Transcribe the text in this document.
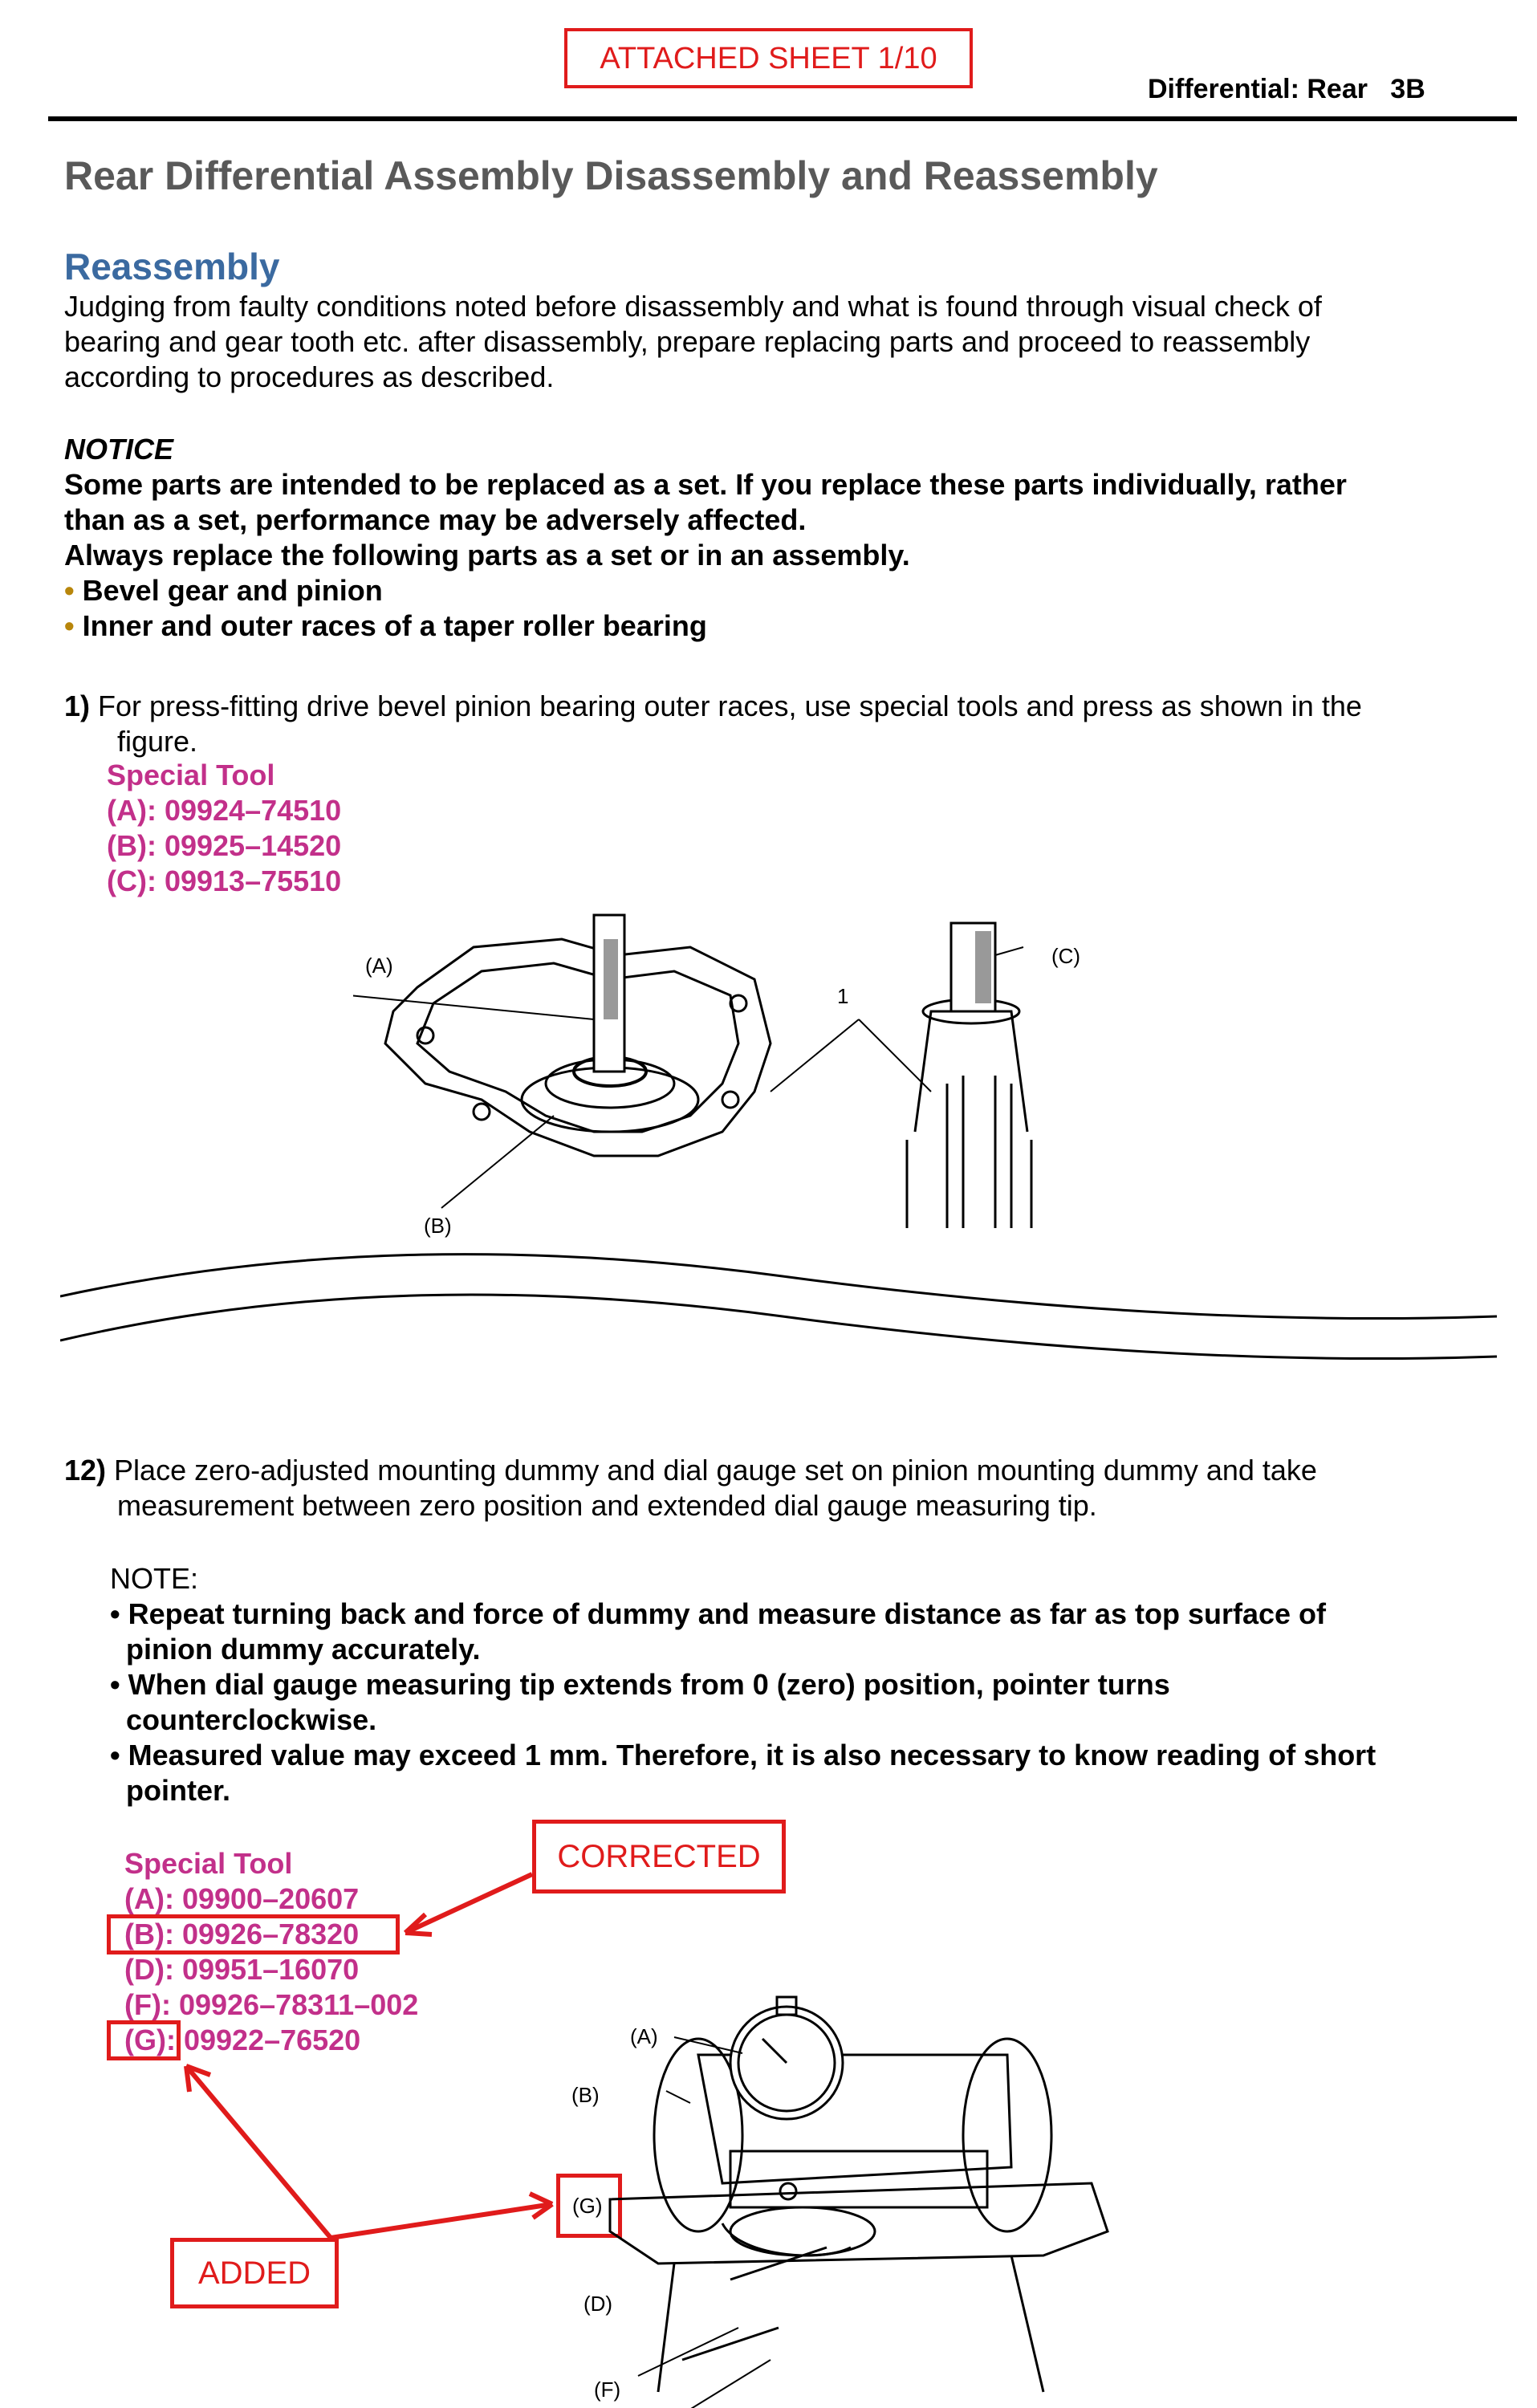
ATTACHED SHEET 1/10
Differential: Rear   3B
Rear Differential Assembly Disassembly and Reassembly
Reassembly
Judging from faulty conditions noted before disassembly and what is found through visual check of
bearing and gear tooth etc. after disassembly, prepare replacing parts and proceed to reassembly
according to procedures as described.
NOTICE
Some parts are intended to be replaced as a set. If you replace these parts individually, rather
than as a set, performance may be adversely affected.
Always replace the following parts as a set or in an assembly.
• Bevel gear and pinion
• Inner and outer races of a taper roller bearing
1) For press-fitting drive bevel pinion bearing outer races, use special tools and press as shown in the
figure.
Special Tool
(A): 09924–74510
(B): 09925–14520
(C): 09913–75510
(A)
(B)
(C)
1
12) Place zero-adjusted mounting dummy and dial gauge set on pinion mounting dummy and take
measurement between zero position and extended dial gauge measuring tip.
NOTE:
• Repeat turning back and force of dummy and measure distance as far as top surface of
pinion dummy accurately.
• When dial gauge measuring tip extends from 0 (zero) position, pointer turns
counterclockwise.
• Measured value may exceed 1 mm. Therefore, it is also necessary to know reading of short
pointer.
Special Tool
(A): 09900–20607
(B): 09926–78320
(D): 09951–16070
(F): 09926–78311–002
(G): 09922–76520
CORRECTED
ADDED
(A)
(B)
(G)
(D)
(F)
